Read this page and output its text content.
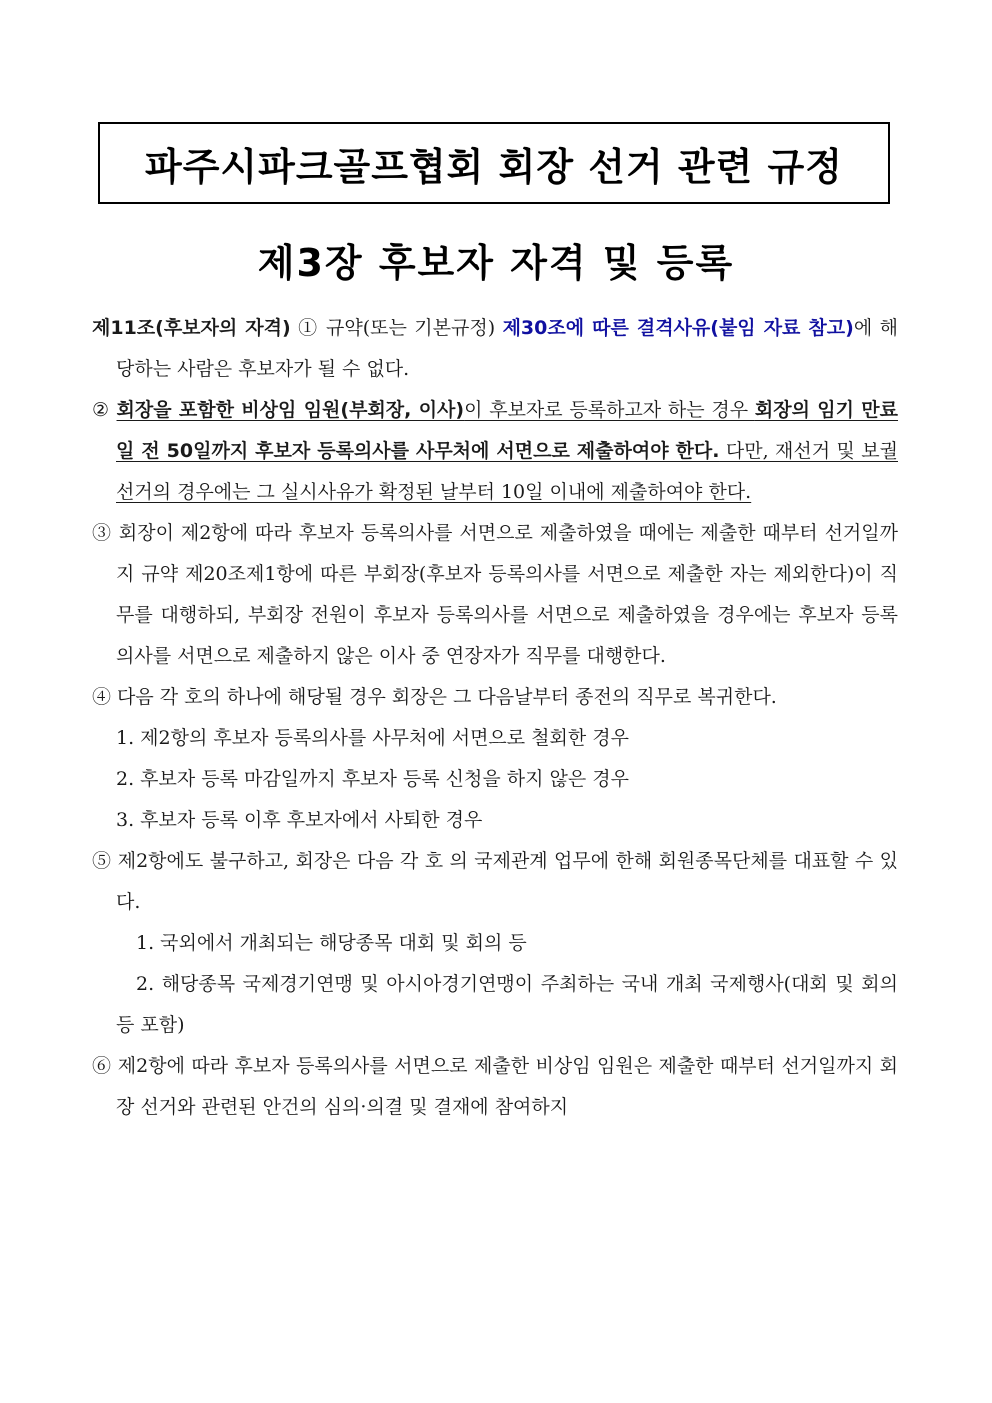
파주시파크골프협회 회장 선거 관련 규정
제3장 후보자 자격 및 등록

제11조(후보자의 자격) ① 규약(또는 기본규정) 제30조에 따른 결격사유(붙임 자료 참고)에 해당하는 사람은 후보자가 될 수 없다.

② 회장을 포함한 비상임 임원(부회장, 이사)이 후보자로 등록하고자 하는 경우 회장의 임기 만료일 전 50일까지 후보자 등록의사를 사무처에 서면으로 제출하여야 한다. 다만, 재선거 및 보궐선거의 경우에는 그 실시사유가 확정된 날부터 10일 이내에 제출하여야 한다.

③ 회장이 제2항에 따라 후보자 등록의사를 서면으로 제출하였을 때에는 제출한 때부터 선거일까지 규약 제20조제1항에 따른 부회장(후보자 등록의사를 서면으로 제출한 자는 제외한다)이 직무를 대행하되, 부회장 전원이 후보자 등록의사를 서면으로 제출하였을 경우에는 후보자 등록의사를 서면으로 제출하지 않은 이사 중 연장자가 직무를 대행한다.

④ 다음 각 호의 하나에 해당될 경우 회장은 그 다음날부터 종전의 직무로 복귀한다.

1. 제2항의 후보자 등록의사를 사무처에 서면으로 철회한 경우

2. 후보자 등록 마감일까지 후보자 등록 신청을 하지 않은 경우

3. 후보자 등록 이후 후보자에서 사퇴한 경우

⑤ 제2항에도 불구하고, 회장은 다음 각 호 의 국제관계 업무에 한해 회원종목단체를 대표할 수 있다.

1. 국외에서 개최되는 해당종목 대회 및 회의 등

2. 해당종목 국제경기연맹 및 아시아경기연맹이 주최하는 국내 개최 국제행사(대회 및 회의 등 포함)

⑥ 제2항에 따라 후보자 등록의사를 서면으로 제출한 비상임 임원은 제출한 때부터 선거일까지 회장 선거와 관련된 안건의 심의·의결 및 결재에 참여하지
